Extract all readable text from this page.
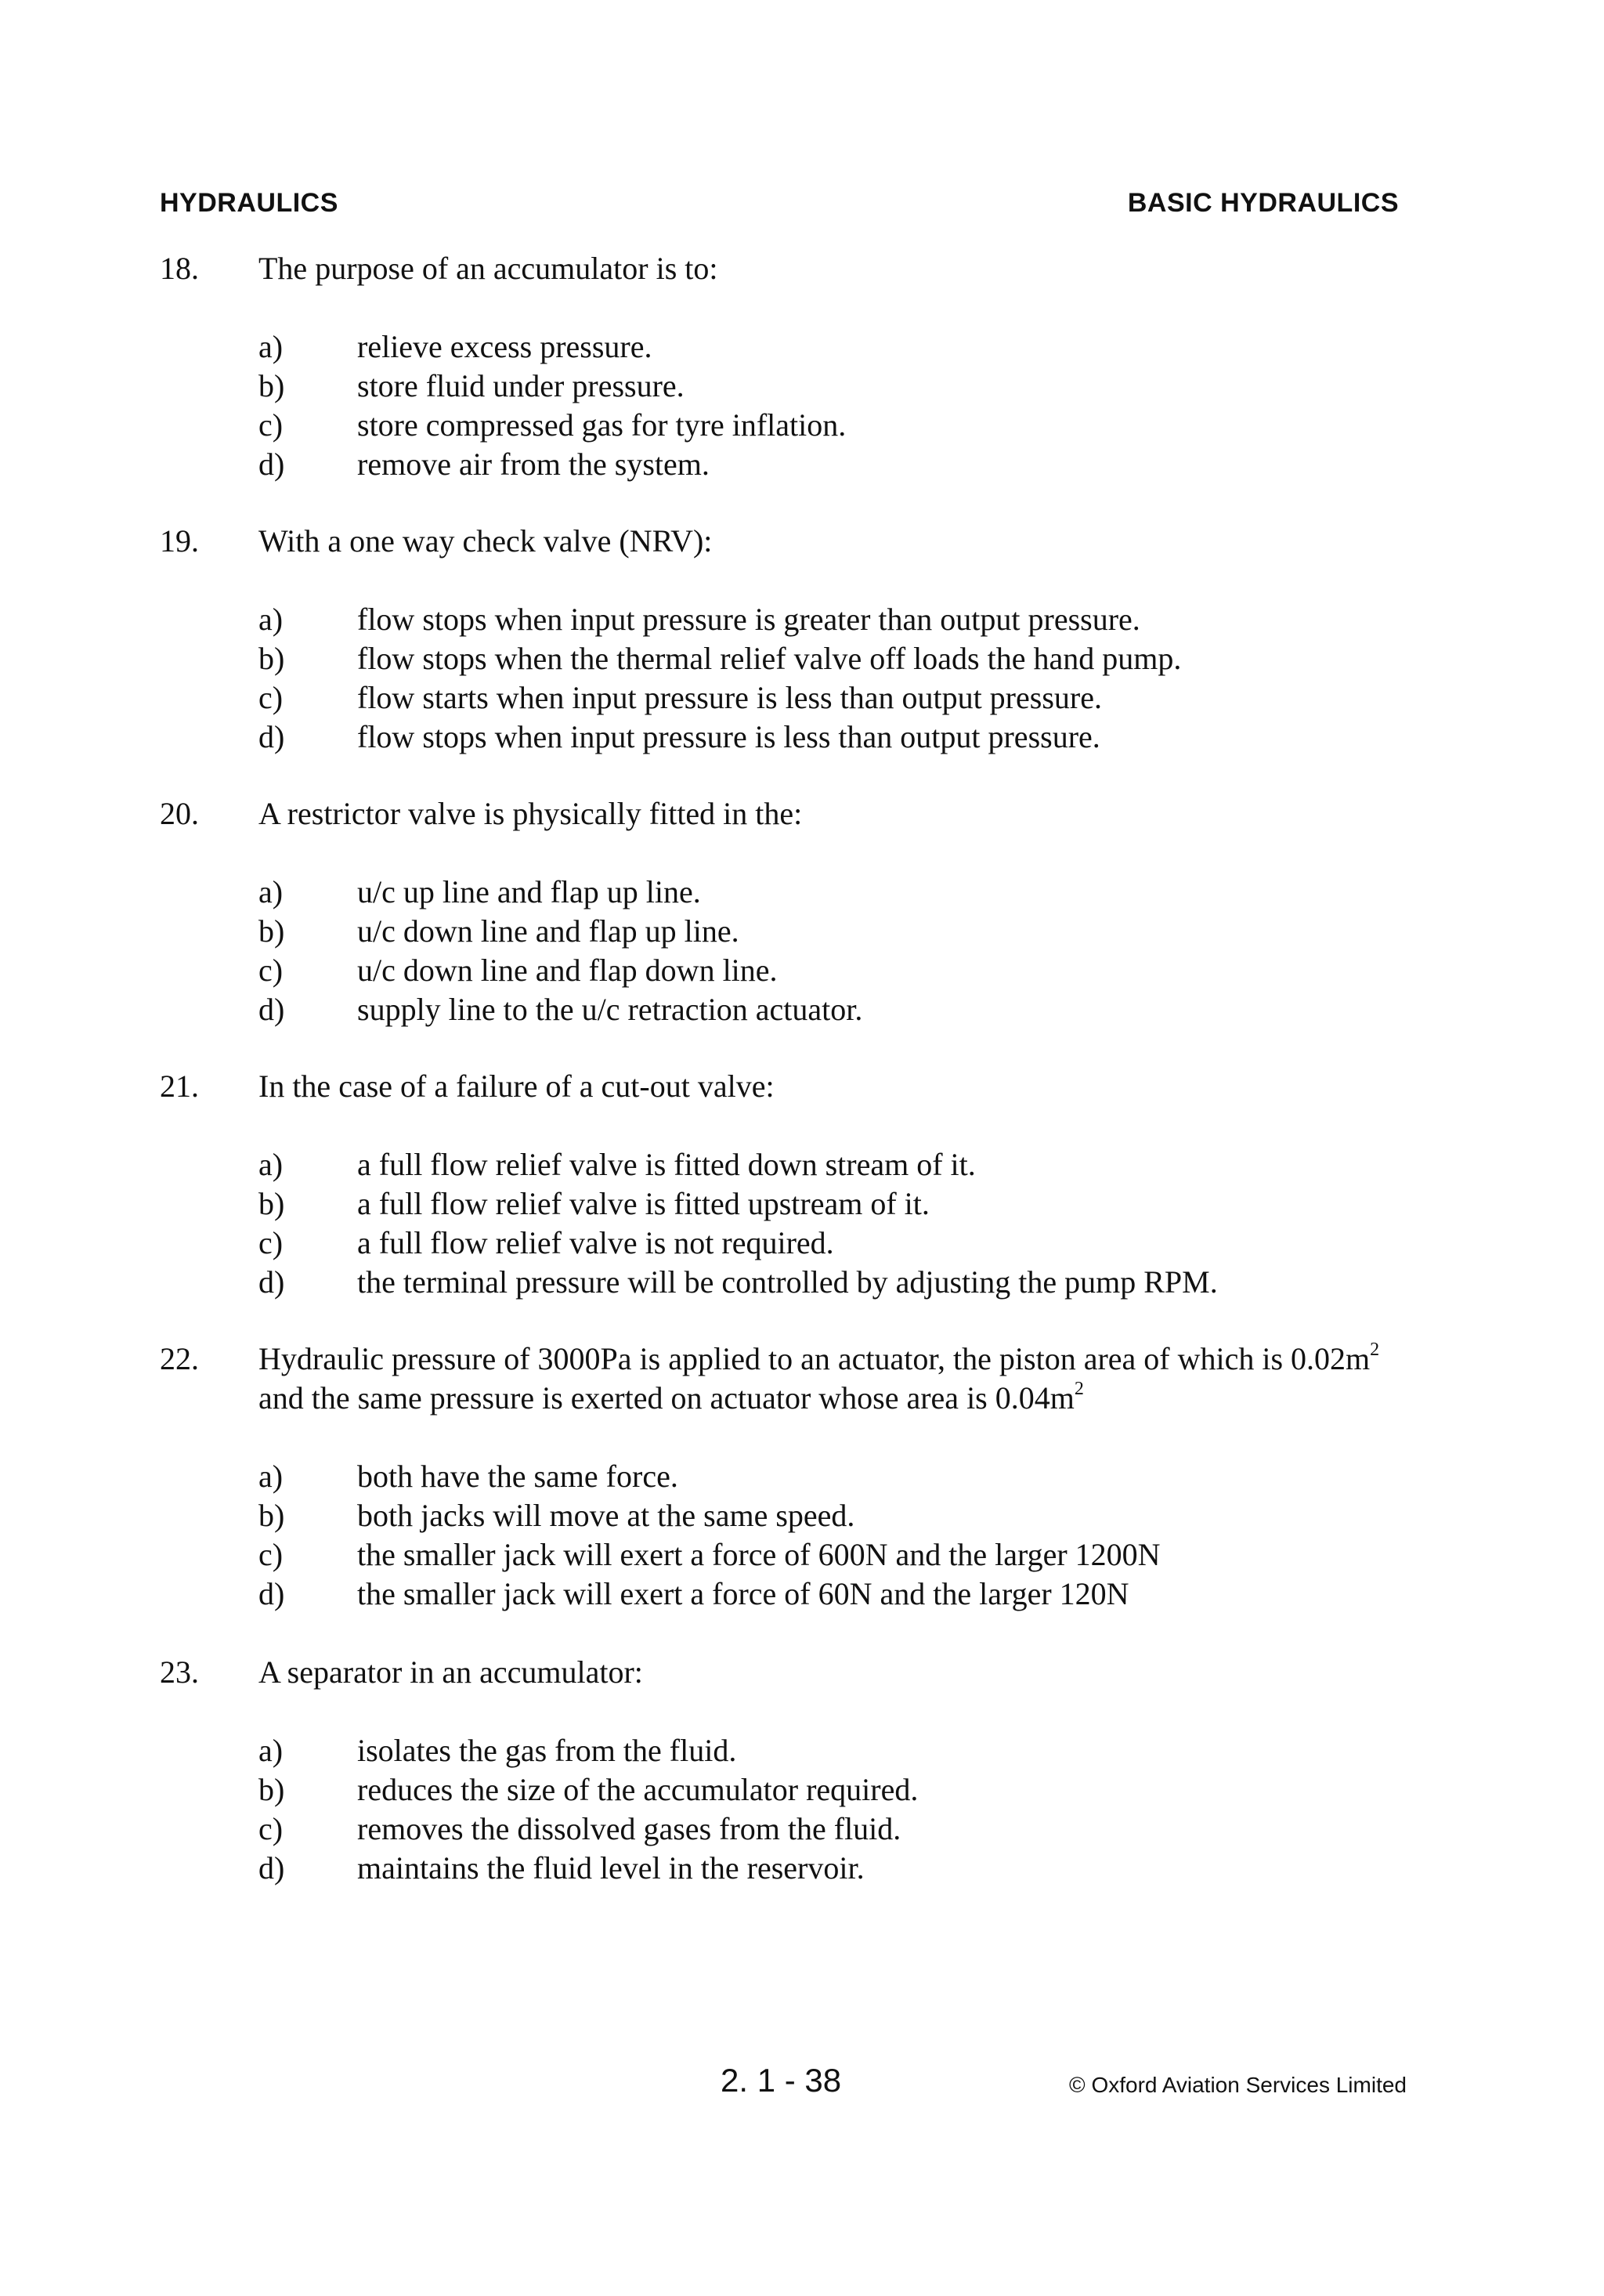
HYDRAULICS	BASIC HYDRAULICS
18.	The purpose of an accumulator is to:
a)	relieve excess pressure.
b)	store fluid under pressure.
c)	store compressed gas for tyre inflation.
d)	remove air from the system.
19.	With a one way check valve (NRV):
a)	flow stops when input pressure is greater than output pressure.
b)	flow stops when the thermal relief valve off loads the hand pump.
c)	flow starts when input pressure is less than output pressure.
d)	flow stops when input pressure is less than output pressure.
20.	A restrictor valve is physically fitted in the:
a)	u/c up line and flap up line.
b)	u/c down line and flap up line.
c)	u/c down line and flap down line.
d)	supply line to the u/c retraction actuator.
21.	In the case of a failure of a cut-out valve:
a)	a full flow relief valve is fitted down stream of it.
b)	a full flow relief valve is fitted upstream of it.
c)	a full flow relief valve is not required.
d)	the terminal pressure will be controlled by adjusting the pump RPM.
22.	Hydraulic pressure of 3000Pa is applied to an actuator, the piston area of which is $0.02m^2$ and the same pressure is exerted on actuator whose area is $0.04m^2$
a)	both have the same force.
b)	both jacks will move at the same speed.
c)	the smaller jack will exert a force of 600N and the larger 1200N
d)	the smaller jack will exert a force of 60N and the larger 120N
23.	A separator in an accumulator:
a)	isolates the gas from the fluid.
b)	reduces the size of the accumulator required.
c)	removes the dissolved gases from the fluid.
d)	maintains the fluid level in the reservoir.
2. 1 - 38	© Oxford Aviation Services Limited
